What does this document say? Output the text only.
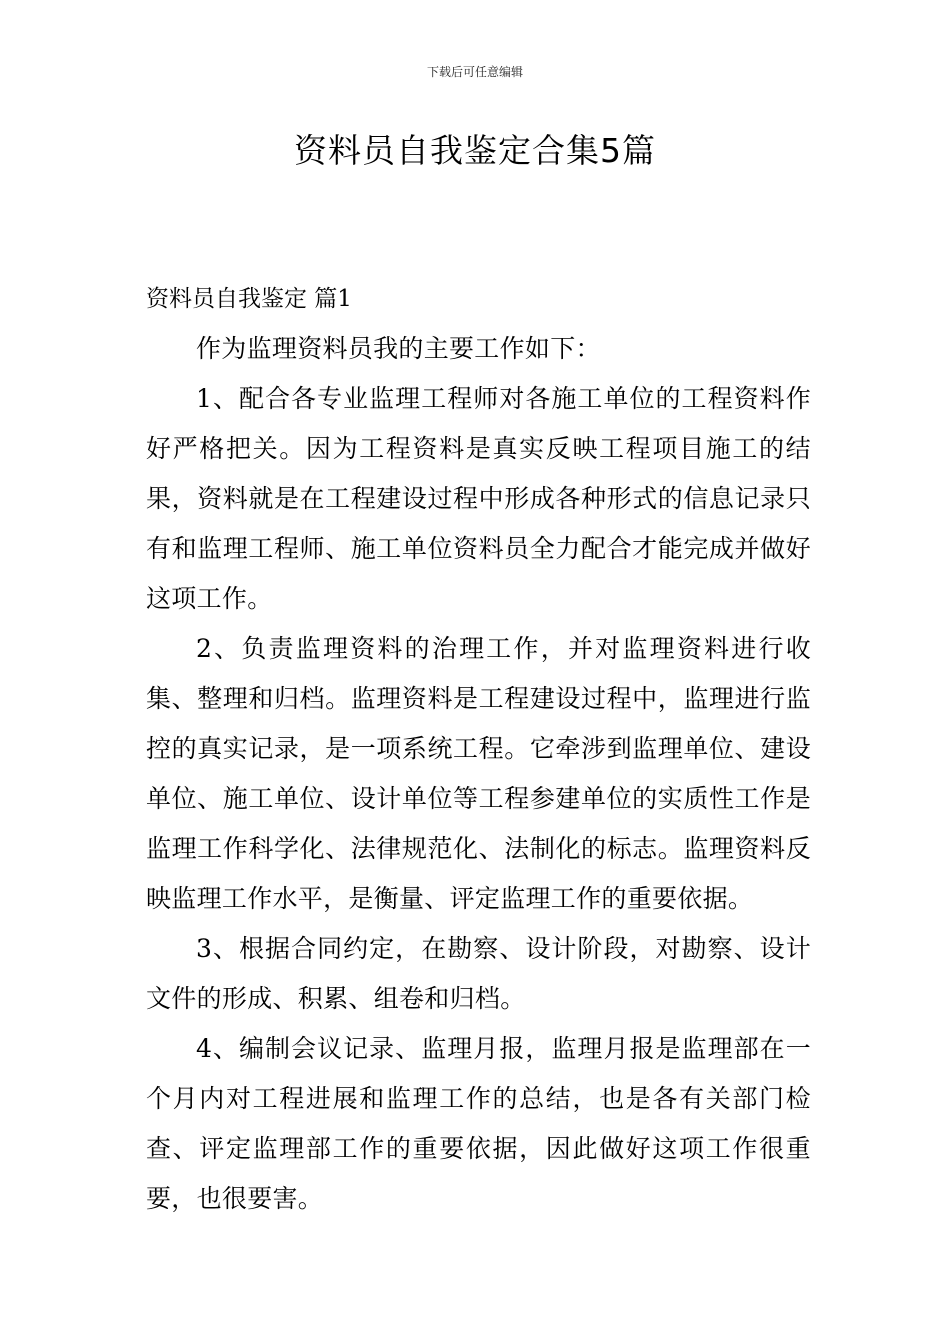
下载后可任意编辑
资料员自我鉴定合集5篇
资料员自我鉴定 篇1

作为监理资料员我的主要工作如下：

1、配合各专业监理工程师对各施工单位的工程资料作好严格把关。因为工程资料是真实反映工程项目施工的结果，资料就是在工程建设过程中形成各种形式的信息记录只有和监理工程师、施工单位资料员全力配合才能完成并做好这项工作。

2、负责监理资料的治理工作，并对监理资料进行收集、整理和归档。监理资料是工程建设过程中，监理进行监控的真实记录，是一项系统工程。它牵涉到监理单位、建设单位、施工单位、设计单位等工程参建单位的实质性工作是监理工作科学化、法律规范化、法制化的标志。监理资料反映监理工作水平，是衡量、评定监理工作的重要依据。

3、根据合同约定，在勘察、设计阶段，对勘察、设计文件的形成、积累、组卷和归档。

4、编制会议记录、监理月报，监理月报是监理部在一个月内对工程进展和监理工作的总结，也是各有关部门检查、评定监理部工作的重要依据，因此做好这项工作很重要，也很要害。
